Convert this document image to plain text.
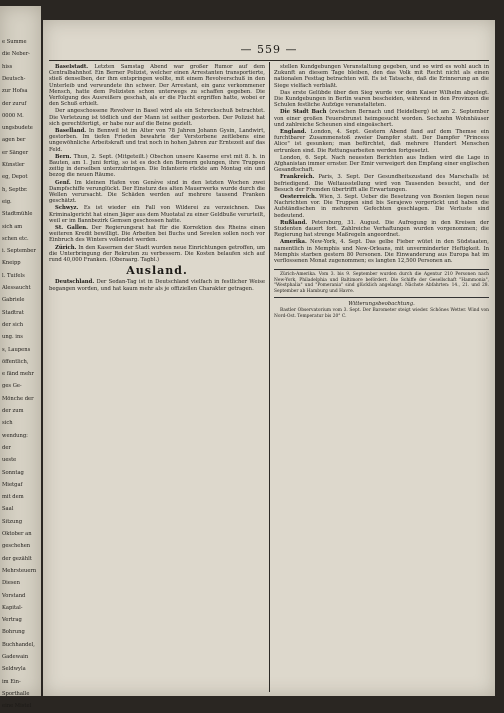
e Summe
die Neber-
hiss
Deutsch-
zur Hofsa
der zuruf
0000 M.
ungsbudete
agen ber
er Sänger
Künstler
eg, Depot
h, Septbr.
eig.
Stadtmühle
sich am
schen etc.
i. September
Kneipp
l. Tuifels
Alessaucht
Gabriele
Stadtrat
der sich
ung. ins
s, Laupens
öffentlich,
e fänd mehr
ges Ge-
Mönche der
der zum
sich
wendung:
der
ueste
Sonntag
Mietgaf
mit dem
Saal
Sitzung
Oktober an
geschehen
der gezählt
Mehrsteuern
Diesen
Vorstand
Kapital-
Vertrag
Bohrung
Buchhandel,
Gadewain
Seldwyla
im Ein-
Sporthalle
eine Mistel
— 559 —

Baselstadt. Letzten Samstag Abend war großer Rumor auf dem Centralbahnhof. Ein Berner Polizist, welcher einen Arrestanten transportierte, stieß denselben, der ihm entspringen wollte, mit einem Revolverschuß in den Unterleib und verwundete ihn schwer. Der Arrestant, ein ganz verkommener Mensch, hatte dem Polizisten schon unterwegs zu schaffen gegeben. Die Verfolgung des Ausreißers geschah, als er die Flucht ergriffen hatte, wobei er den Schuß erhielt.

Der angeschossene Revolver in Basel wird als ein Schreckschuß betrachtet. Die Verletzung ist tödlich und der Mann ist seither gestorben. Der Polizist hat sich gerechtfertigt, er habe nur auf die Beine gezielt.

Baselland. In Bennwil ist im Alter von 78 Jahren Johann Gysin, Landwirt, gestorben. Im tiefen Frieden bewahrte der Verstorbene zeitlebens eine ungewöhnliche Arbeitskraft und trat noch in hohen Jahren zur Erntezeit auf das Feld.

Bern. Thun, 2. Sept. (Mitgeteilt.) Obschon unsere Kaserne erst mit 8. h. in Bauten, am 1. Juni fertig, so ist es doch den Bernern gelungen, ihre Truppen zeitig in derselben unterzubringen. Die Infanterie rückte am Montag ein und bezog die neuen Räume.

Genf. Im kleinen Hafen von Genève sind in den letzten Wochen zwei Dampfschiffe verunglückt. Der Einsturz des alten Mauerwerks wurde durch die Wellen verursacht. Die Schäden werden auf mehrere tausend Franken geschätzt.

Schwyz. Es ist wieder ein Fall von Wilderei zu verzeichnen. Das Kriminalgericht hat einen Jäger aus dem Muotatal zu einer Geldbuße verurteilt, weil er im Bannbezirk Gemsen geschossen hatte.

St. Gallen. Der Regierungsrat hat für die Korrektion des Rheins einen weiteren Kredit bewilligt. Die Arbeiten bei Buchs und Sevelen sollen noch vor Einbruch des Winters vollendet werden.

Zürich. In den Kasernen der Stadt wurden neue Einrichtungen getroffen, um die Unterbringung der Rekruten zu verbessern. Die Kosten belaufen sich auf rund 40,000 Franken. (Oberaarg. Tagbl.)

Ausland.

Deutschland. Der Sedan-Tag ist in Deutschland vielfach in festlicher Weise begangen worden, und hat kaum mehr als je offiziellen Charakter getragen.

stellen Kundgebungen Veranstaltung gegeben, und so wird es wohl auch in Zukunft an diesem Tage bleiben, den das Volk mit Recht nicht als einen nationalen Festtag betrachten will. Es ist Tatsache, daß die Erinnerung an die Siege vielfach verblaßt.

Das erste Gelübde über den Sieg wurde vor dem Kaiser Wilhelm abgelegt. Die Kundgebungen in Berlin waren bescheiden, während in den Provinzen die Schulen festliche Aufzüge veranstalteten.

Die Stadt Bach (zwischen Bernach und Heidelberg) ist am 2. September von einer großen Feuersbrunst heimgesucht worden. Sechzehn Wohnhäuser und zahlreiche Scheunen sind eingeäschert.

England. London, 4. Sept. Gestern Abend fand auf dem Themse ein furchtbarer Zusammenstoß zweier Dampfer statt. Der Dampfer "Princess Alice" ist gesunken; man befürchtet, daß mehrere Hundert Menschen ertrunken sind. Die Rettungsarbeiten werden fortgesetzt.

London, 6. Sept. Nach neuesten Berichten aus Indien wird die Lage in Afghanistan immer ernster. Der Emir verweigert den Empfang einer englischen Gesandtschaft.

Frankreich. Paris, 3. Sept. Der Gesundheitszustand des Marschalls ist befriedigend. Die Weltausstellung wird von Tausenden besucht, und der Besuch der Fremden übertrifft alle Erwartungen.

Oesterreich. Wien, 3. Sept. Ueber die Besetzung von Bosnien liegen neue Nachrichten vor. Die Truppen sind bis Serajewo vorgerückt und haben die Aufständischen in mehreren Gefechten geschlagen. Die Verluste sind bedeutend.

Rußland. Petersburg, 31. August. Die Aufregung in den Kreisen der Studenten dauert fort. Zahlreiche Verhaftungen wurden vorgenommen; die Regierung hat strenge Maßregeln angeordnet.

Amerika. New-York, 4. Sept. Das gelbe Fieber wütet in den Südstaaten, namentlich in Memphis und New-Orleans, mit unverminderter Heftigkeit. In Memphis starben gestern 80 Personen. Die Einwanderung aus Europa hat im verflossenen Monat zugenommen; es langten 12,500 Personen an.

Zürich-Amerika. Vom 3. bis 9. September wurden durch die Agentur 210 Personen nach New-York, Philadelphia und Baltimore befördert. Die Schiffe der Gesellschaft "Hammonia", "Westphalia" und "Pomerania" sind glücklich angelangt. Nächste Abfahrten: 14., 21. und 28. September ab Hamburg und Havre.

Witterungsbeobachtung.

Bastler Observatorium vom 3. Sept. Der Barometer steigt wieder. Schönes Wetter. Wind von Nord-Ost. Temperatur bis 20° C.
